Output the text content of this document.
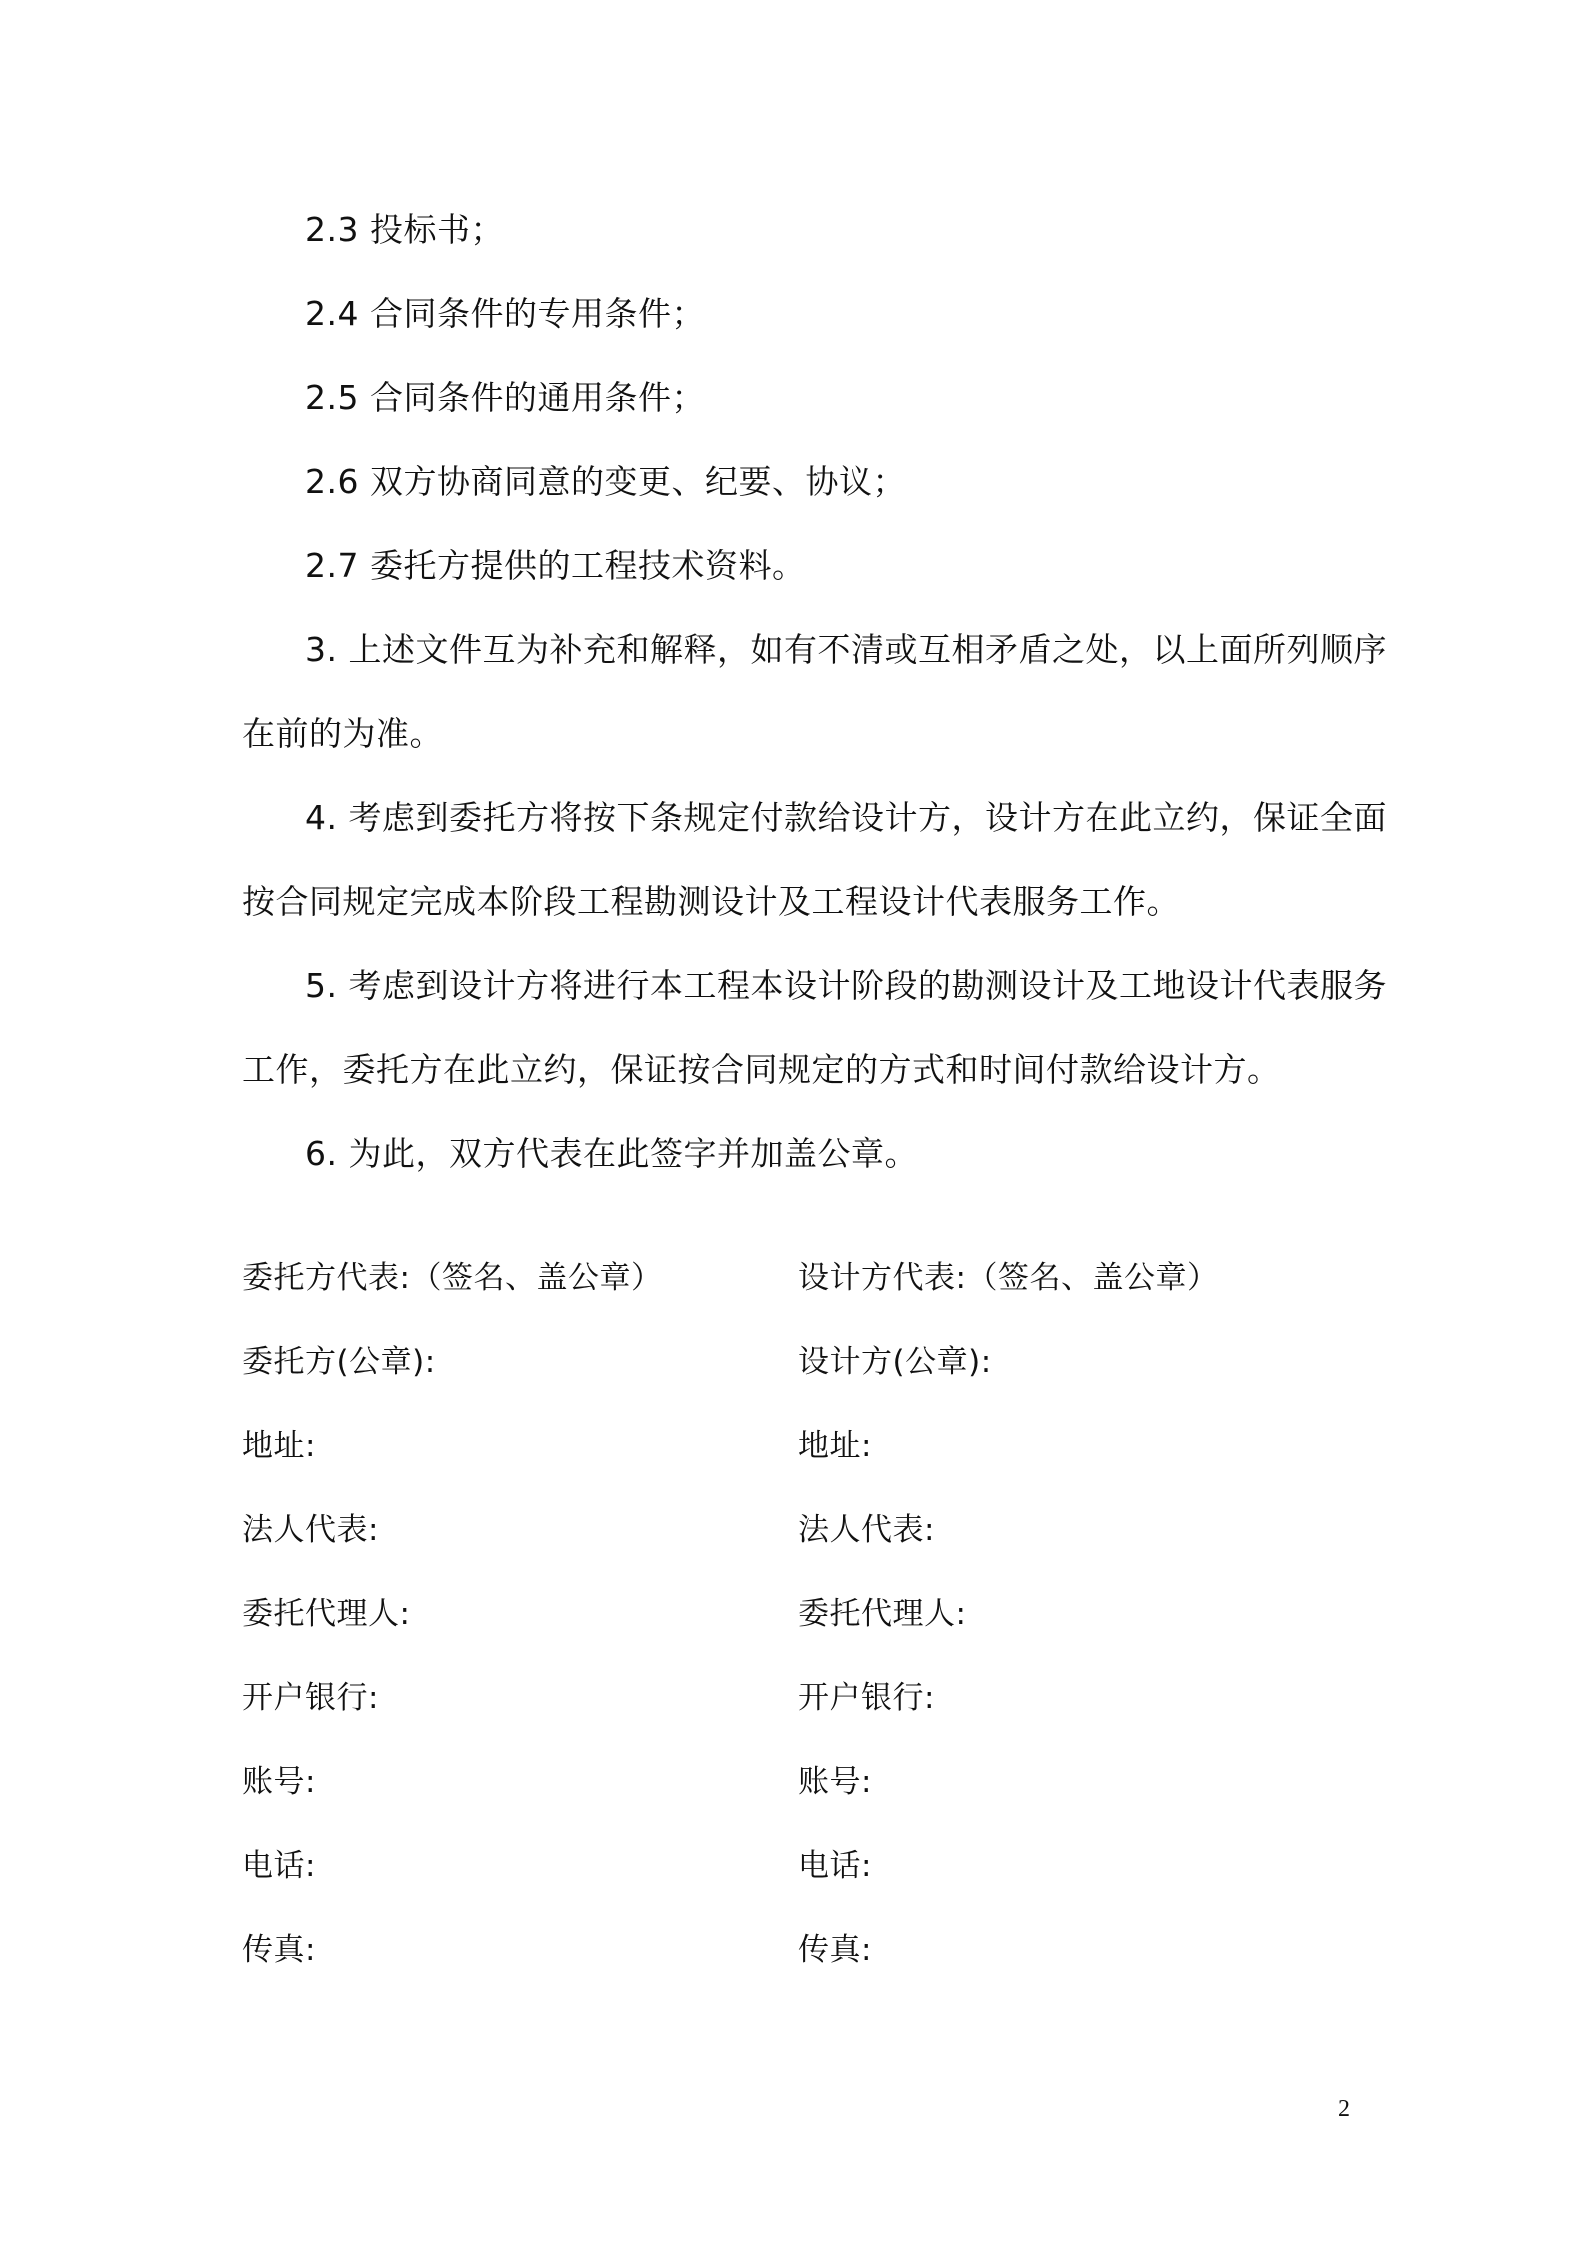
2.3 投标书；
2.4 合同条件的专用条件；
2.5 合同条件的通用条件；
2.6 双方协商同意的变更、纪要、协议；
2.7 委托方提供的工程技术资料。
3. 上述文件互为补充和解释，如有不清或互相矛盾之处，以上面所列顺序
在前的为准。
4. 考虑到委托方将按下条规定付款给设计方，设计方在此立约，保证全面
按合同规定完成本阶段工程勘测设计及工程设计代表服务工作。
5. 考虑到设计方将进行本工程本设计阶段的勘测设计及工地设计代表服务
工作，委托方在此立约，保证按合同规定的方式和时间付款给设计方。
6. 为此，双方代表在此签字并加盖公章。
委托方代表:（签名、盖公章）
委托方(公章):
地址:
法人代表:
委托代理人:
开户银行:
账号:
电话:
传真:
设计方代表:（签名、盖公章）
设计方(公章):
地址:
法人代表:
委托代理人:
开户银行:
账号:
电话:
传真:
2
